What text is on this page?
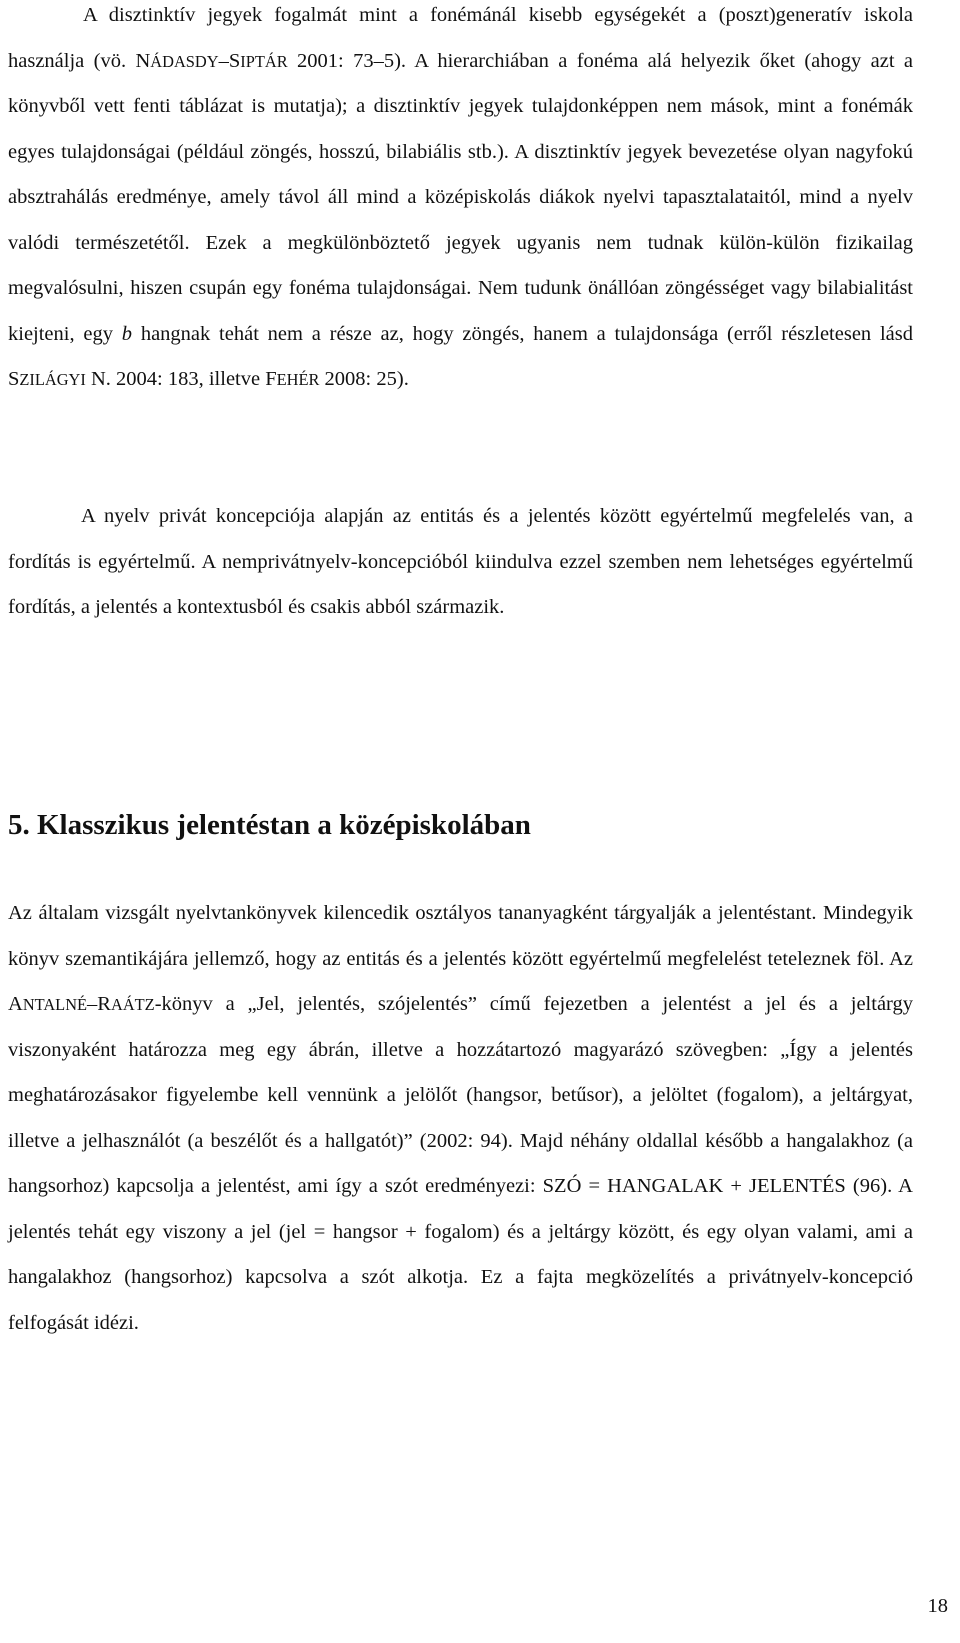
A disztinktív jegyek fogalmát mint a fonémánál kisebb egységekét a (poszt)generatív iskola használja (vö. NÁDASDY–SIPTÁR 2001: 73–5). A hierarchiában a fonéma alá helyezik őket (ahogy azt a könyvből vett fenti táblázat is mutatja); a disztinktív jegyek tulajdonképpen nem mások, mint a fonémák egyes tulajdonságai (például zöngés, hosszú, bilabiális stb.). A disztinktív jegyek bevezetése olyan nagyfokú absztrahálás eredménye, amely távol áll mind a középiskolás diákok nyelvi tapasztalataitól, mind a nyelv valódi természetétől. Ezek a megkülönböztető jegyek ugyanis nem tudnak külön-külön fizikailag megvalósulni, hiszen csupán egy fonéma tulajdonságai. Nem tudunk önállóan zöngésséget vagy bilabialitást kiejteni, egy b hangnak tehát nem a része az, hogy zöngés, hanem a tulajdonsága (erről részletesen lásd SZILÁGYI N. 2004: 183, illetve FEHÉR 2008: 25).

A nyelv privát koncepciója alapján az entitás és a jelentés között egyértelmű megfelelés van, a fordítás is egyértelmű. A nemprivátnyelv-koncepcióból kiindulva ezzel szemben nem lehetséges egyértelmű fordítás, a jelentés a kontextusból és csakis abból származik.

5. Klasszikus jelentéstan a középiskolában

Az általam vizsgált nyelvtankönyvek kilencedik osztályos tananyagként tárgyalják a jelentéstant. Mindegyik könyv szemantikájára jellemző, hogy az entitás és a jelentés között egyértelmű megfelelést teteleznek föl. Az ANTALNÉ–RAÁTZ-könyv a „Jel, jelentés, szójelentés” című fejezetben a jelentést a jel és a jeltárgy viszonyaként határozza meg egy ábrán, illetve a hozzátartozó magyarázó szövegben: „Így a jelentés meghatározásakor figyelembe kell vennünk a jelölőt (hangsor, betűsor), a jelöltet (fogalom), a jeltárgyat, illetve a jelhasználót (a beszélőt és a hallgatót)” (2002: 94). Majd néhány oldallal később a hangalakhoz (a hangsorhoz) kapcsolja a jelentést, ami így a szót eredményezi: SZÓ = HANGALAK + JELENTÉS (96). A jelentés tehát egy viszony a jel (jel = hangsor + fogalom) és a jeltárgy között, és egy olyan valami, ami a hangalakhoz (hangsorhoz) kapcsolva a szót alkotja. Ez a fajta megközelítés a privátnyelv-koncepció felfogását idézi.

18
